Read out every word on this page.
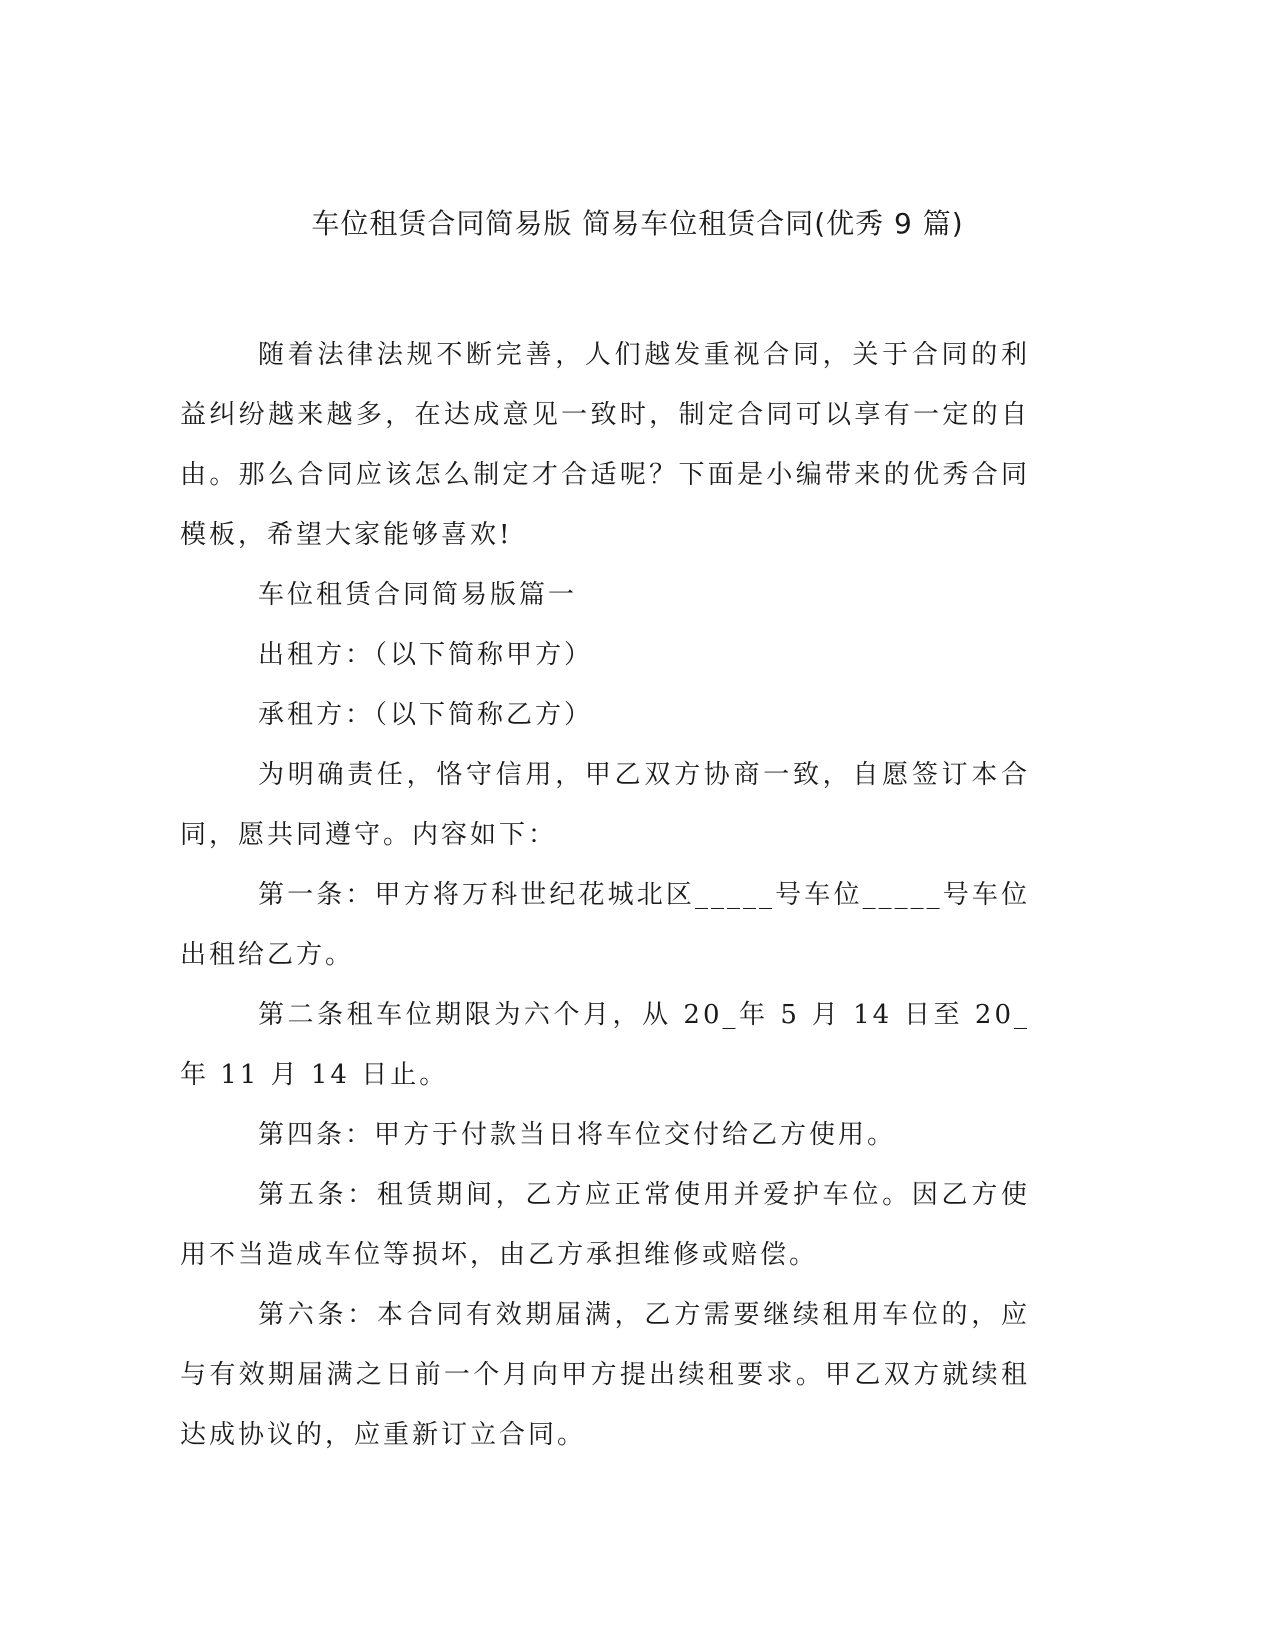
车位租赁合同简易版 简易车位租赁合同(优秀 9 篇)

随着法律法规不断完善，人们越发重视合同，关于合同的利益纠纷越来越多，在达成意见一致时，制定合同可以享有一定的自由。那么合同应该怎么制定才合适呢？下面是小编带来的优秀合同模板，希望大家能够喜欢!

车位租赁合同简易版篇一

出租方：（以下简称甲方）

承租方：（以下简称乙方）

为明确责任，恪守信用，甲乙双方协商一致，自愿签订本合同，愿共同遵守。内容如下：

第一条：甲方将万科世纪花城北区_____号车位_____号车位出租给乙方。

第二条租车位期限为六个月，从 20_年 5 月 14 日至 20_年 11 月 14 日止。

第四条：甲方于付款当日将车位交付给乙方使用。

第五条：租赁期间，乙方应正常使用并爱护车位。因乙方使用不当造成车位等损坏，由乙方承担维修或赔偿。

第六条：本合同有效期届满，乙方需要继续租用车位的，应与有效期届满之日前一个月向甲方提出续租要求。甲乙双方就续租达成协议的，应重新订立合同。
